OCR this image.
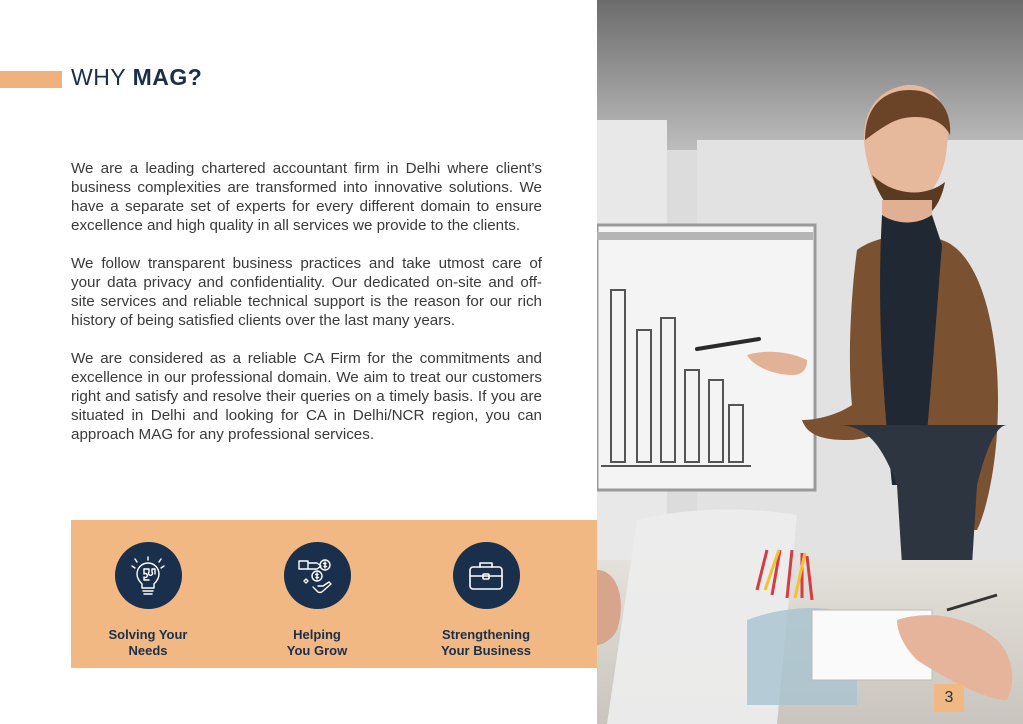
WHY MAG?

We are a leading chartered accountant firm in Delhi where client’s business complexities are transformed into innovative solutions. We have a separate set of experts for every different domain to ensure excellence and high quality in all services we provide to the clients.

We follow transparent business practices and take utmost care of your data privacy and confidentiality. Our dedicated on-site and off-site services and reliable technical support is the reason for our rich history of being satisfied clients over the last many years.

We are considered as a reliable CA Firm for the commitments and excellence in our professional domain. We aim to treat our customers right and satisfy and resolve their queries on a timely basis. If you are situated in Delhi and looking for CA in Delhi/NCR region, you can approach MAG for any professional services.

Solving Your
Needs
Helping
You Grow
Strengthening
Your Business
3
